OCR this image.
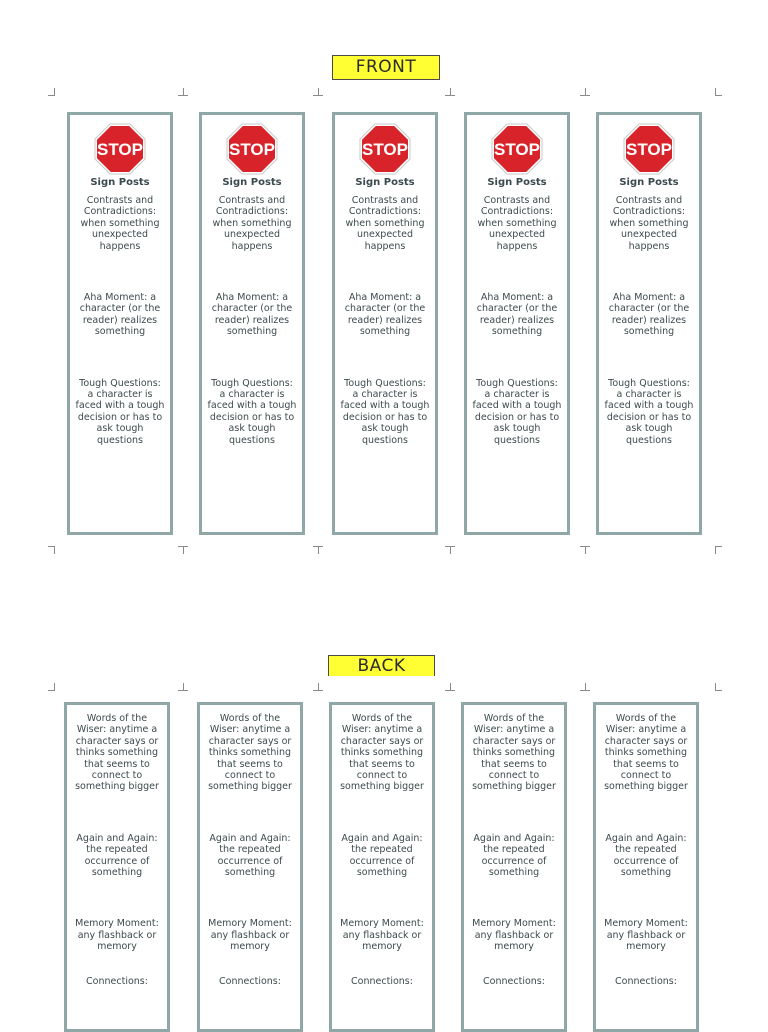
FRONT
STOP
Sign Posts

Contrasts and Contradictions: when something unexpected happens

Aha Moment: a character (or the reader) realizes something

Tough Questions: a character is faced with a tough decision or has to ask tough questions

STOP
Sign Posts

Contrasts and Contradictions: when something unexpected happens

Aha Moment: a character (or the reader) realizes something

Tough Questions: a character is faced with a tough decision or has to ask tough questions

STOP
Sign Posts

Contrasts and Contradictions: when something unexpected happens

Aha Moment: a character (or the reader) realizes something

Tough Questions: a character is faced with a tough decision or has to ask tough questions

STOP
Sign Posts

Contrasts and Contradictions: when something unexpected happens

Aha Moment: a character (or the reader) realizes something

Tough Questions: a character is faced with a tough decision or has to ask tough questions

STOP
Sign Posts

Contrasts and Contradictions: when something unexpected happens

Aha Moment: a character (or the reader) realizes something

Tough Questions: a character is faced with a tough decision or has to ask tough questions

BACK

Words of the Wiser: anytime a character says or thinks something that seems to connect to something bigger

Again and Again: the repeated occurrence of something

Memory Moment: any flashback or memory

Connections:

Words of the Wiser: anytime a character says or thinks something that seems to connect to something bigger

Again and Again: the repeated occurrence of something

Memory Moment: any flashback or memory

Connections:

Words of the Wiser: anytime a character says or thinks something that seems to connect to something bigger

Again and Again: the repeated occurrence of something

Memory Moment: any flashback or memory

Connections:

Words of the Wiser: anytime a character says or thinks something that seems to connect to something bigger

Again and Again: the repeated occurrence of something

Memory Moment: any flashback or memory

Connections:

Words of the Wiser: anytime a character says or thinks something that seems to connect to something bigger

Again and Again: the repeated occurrence of something

Memory Moment: any flashback or memory

Connections:
